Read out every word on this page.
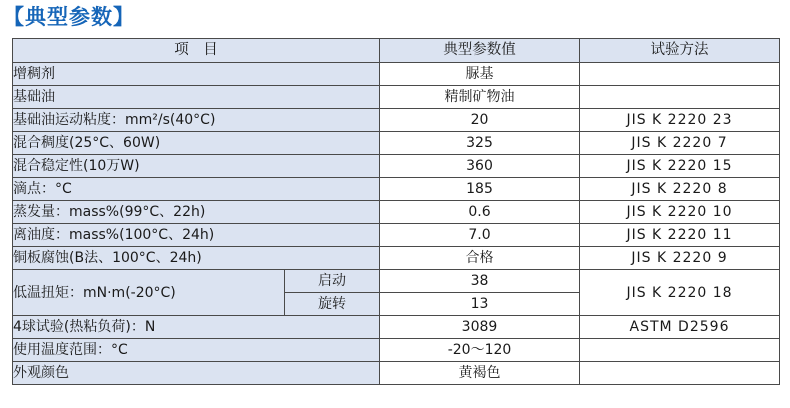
【典型参数】
项　目		典型参数值	试验方法
增稠剂		脲基	
基础油		精制矿物油	
基础油运动粘度：mm²/s(40°C)		20	JIS K 2220 23
混合稠度(25°C、60W)		325	JIS K 2220 7
混合稳定性(10万W)		360	JIS K 2220 15
滴点：°C		185	JIS K 2220 8
蒸发量：mass%(99°C、22h)		0.6	JIS K 2220 10
离油度：mass%(100°C、24h)		7.0	JIS K 2220 11
铜板腐蚀(B法、100°C、24h)		合格	JIS K 2220 9
低温扭矩：mN·m(-20°C)	启动	38	JIS K 2220 18
	旋转	13	
4球试验(热粘负荷)：N		3089	ASTM D2596
使用温度范围：°C		-20～120	
外观颜色		黄褐色	
